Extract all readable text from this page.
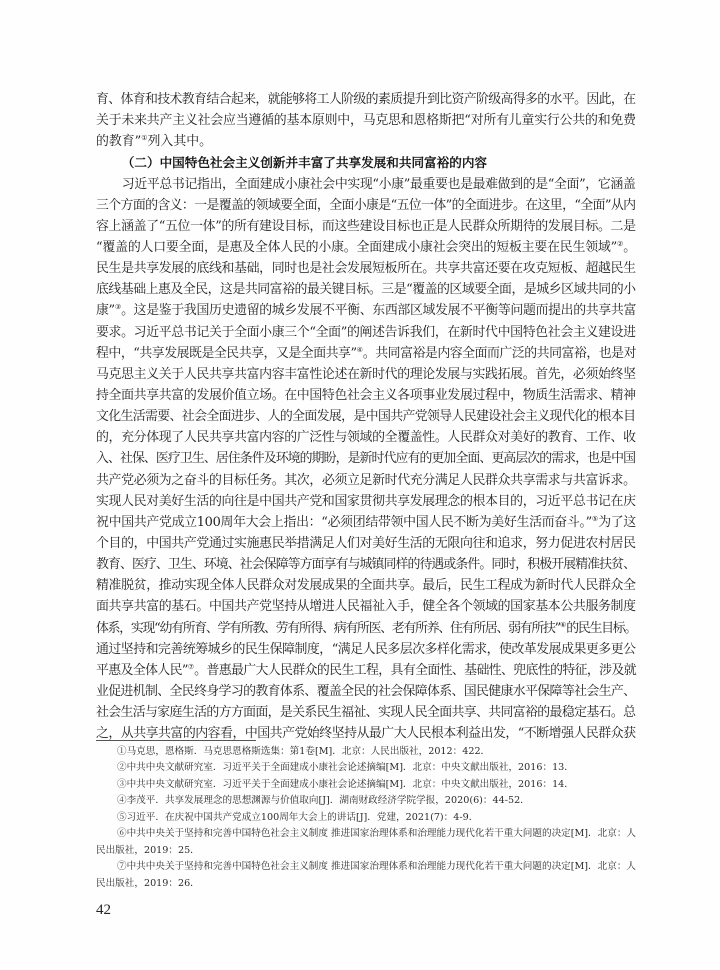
育、体育和技术教育结合起来，就能够将工人阶级的素质提升到比资产阶级高得多的水平。因此，在
关于未来共产主义社会应当遵循的基本原则中，马克思和恩格斯把“对所有儿童实行公共的和免费
的教育”①列入其中。
（二）中国特色社会主义创新并丰富了共享发展和共同富裕的内容
习近平总书记指出，全面建成小康社会中实现“小康”最重要也是最难做到的是“全面”，它涵盖
三个方面的含义：一是覆盖的领域要全面，全面小康是“五位一体”的全面进步。在这里，“全面”从内
容上涵盖了“五位一体”的所有建设目标，而这些建设目标也正是人民群众所期待的发展目标。二是
“覆盖的人口要全面，是惠及全体人民的小康。全面建成小康社会突出的短板主要在民生领域”②。
民生是共享发展的底线和基础，同时也是社会发展短板所在。共享共富还要在攻克短板、超越民生
底线基础上惠及全民，这是共同富裕的最关键目标。三是“覆盖的区域要全面，是城乡区域共同的小
康”③。这是鉴于我国历史遗留的城乡发展不平衡、东西部区域发展不平衡等问题而提出的共享共富
要求。习近平总书记关于全面小康三个“全面”的阐述告诉我们，在新时代中国特色社会主义建设进
程中，“共享发展既是全民共享，又是全面共享”④。共同富裕是内容全面而广泛的共同富裕，也是对
马克思主义关于人民共享共富内容丰富性论述在新时代的理论发展与实践拓展。首先，必须始终坚
持全面共享共富的发展价值立场。在中国特色社会主义各项事业发展过程中，物质生活需求、精神
文化生活需要、社会全面进步、人的全面发展，是中国共产党领导人民建设社会主义现代化的根本目
的，充分体现了人民共享共富内容的广泛性与领域的全覆盖性。人民群众对美好的教育、工作、收
入、社保、医疗卫生、居住条件及环境的期盼，是新时代应有的更加全面、更高层次的需求，也是中国
共产党必须为之奋斗的目标任务。其次，必须立足新时代充分满足人民群众共享需求与共富诉求。
实现人民对美好生活的向往是中国共产党和国家贯彻共享发展理念的根本目的，习近平总书记在庆
祝中国共产党成立100周年大会上指出：“必须团结带领中国人民不断为美好生活而奋斗。”⑤为了这
个目的，中国共产党通过实施惠民举措满足人们对美好生活的无限向往和追求，努力促进农村居民
教育、医疗、卫生、环境、社会保障等方面享有与城镇同样的待遇或条件。同时，积极开展精准扶贫、
精准脱贫，推动实现全体人民群众对发展成果的全面共享。最后，民生工程成为新时代人民群众全
面共享共富的基石。中国共产党坚持从增进人民福祉入手，健全各个领域的国家基本公共服务制度
体系，实现“幼有所育、学有所教、劳有所得、病有所医、老有所养、住有所居、弱有所扶”⑥的民生目标。
通过坚持和完善统筹城乡的民生保障制度，“满足人民多层次多样化需求，使改革发展成果更多更公
平惠及全体人民”⑦。普惠最广大人民群众的民生工程，具有全面性、基础性、兜底性的特征，涉及就
业促进机制、全民终身学习的教育体系、覆盖全民的社会保障体系、国民健康水平保障等社会生产、
社会生活与家庭生活的方方面面，是关系民生福祉、实现人民全面共享、共同富裕的最稳定基石。总
之，从共享共富的内容看，中国共产党始终坚持从最广大人民根本利益出发，“不断增强人民群众获
①马克思，恩格斯．马克思恩格斯选集：第1卷[M]．北京：人民出版社，2012：422．
②中共中央文献研究室．习近平关于全面建成小康社会论述摘编[M]．北京：中央文献出版社，2016：13．
③中共中央文献研究室．习近平关于全面建成小康社会论述摘编[M]．北京：中央文献出版社，2016：14．
④李茂平．共享发展理念的思想渊源与价值取向[J]．湖南财政经济学院学报，2020(6)：44-52．
⑤习近平．在庆祝中国共产党成立100周年大会上的讲话[J]．党建，2021(7)：4-9．
⑥中共中央关于坚持和完善中国特色社会主义制度 推进国家治理体系和治理能力现代化若干重大问题的决定[M]．北京：人
民出版社，2019：25．
⑦中共中央关于坚持和完善中国特色社会主义制度 推进国家治理体系和治理能力现代化若干重大问题的决定[M]．北京：人
民出版社，2019：26．
42
